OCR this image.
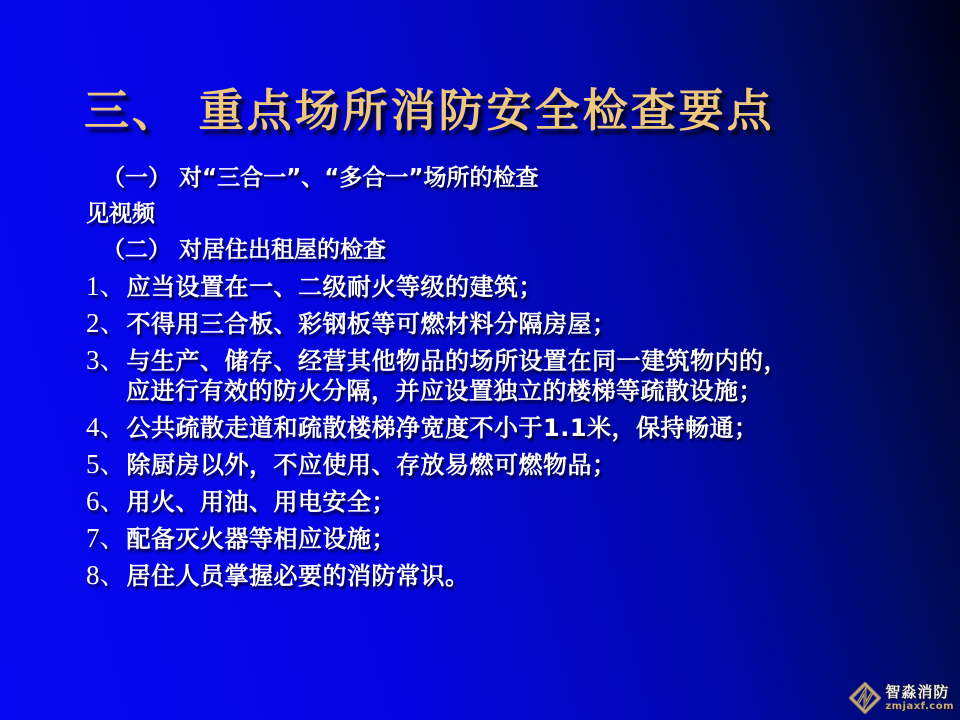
三、 重点场所消防安全检查要点
（一） 对“三合一”、“多合一”场所的检查
见视频
（二） 对居住出租屋的检查
1、 应当设置在一、二级耐火等级的建筑；
2、 不得用三合板、彩钢板等可燃材料分隔房屋；
3、 与生产、储存、经营其他物品的场所设置在同一建筑物内的，
应进行有效的防火分隔，并应设置独立的楼梯等疏散设施；
4、 公共疏散走道和疏散楼梯净宽度不小于1.1米，保持畅通；
5、 除厨房以外，不应使用、存放易燃可燃物品；
6、 用火、用油、用电安全；
7、 配备灭火器等相应设施；
8、 居住人员掌握必要的消防常识。
智淼消防
zmjaxf.com
